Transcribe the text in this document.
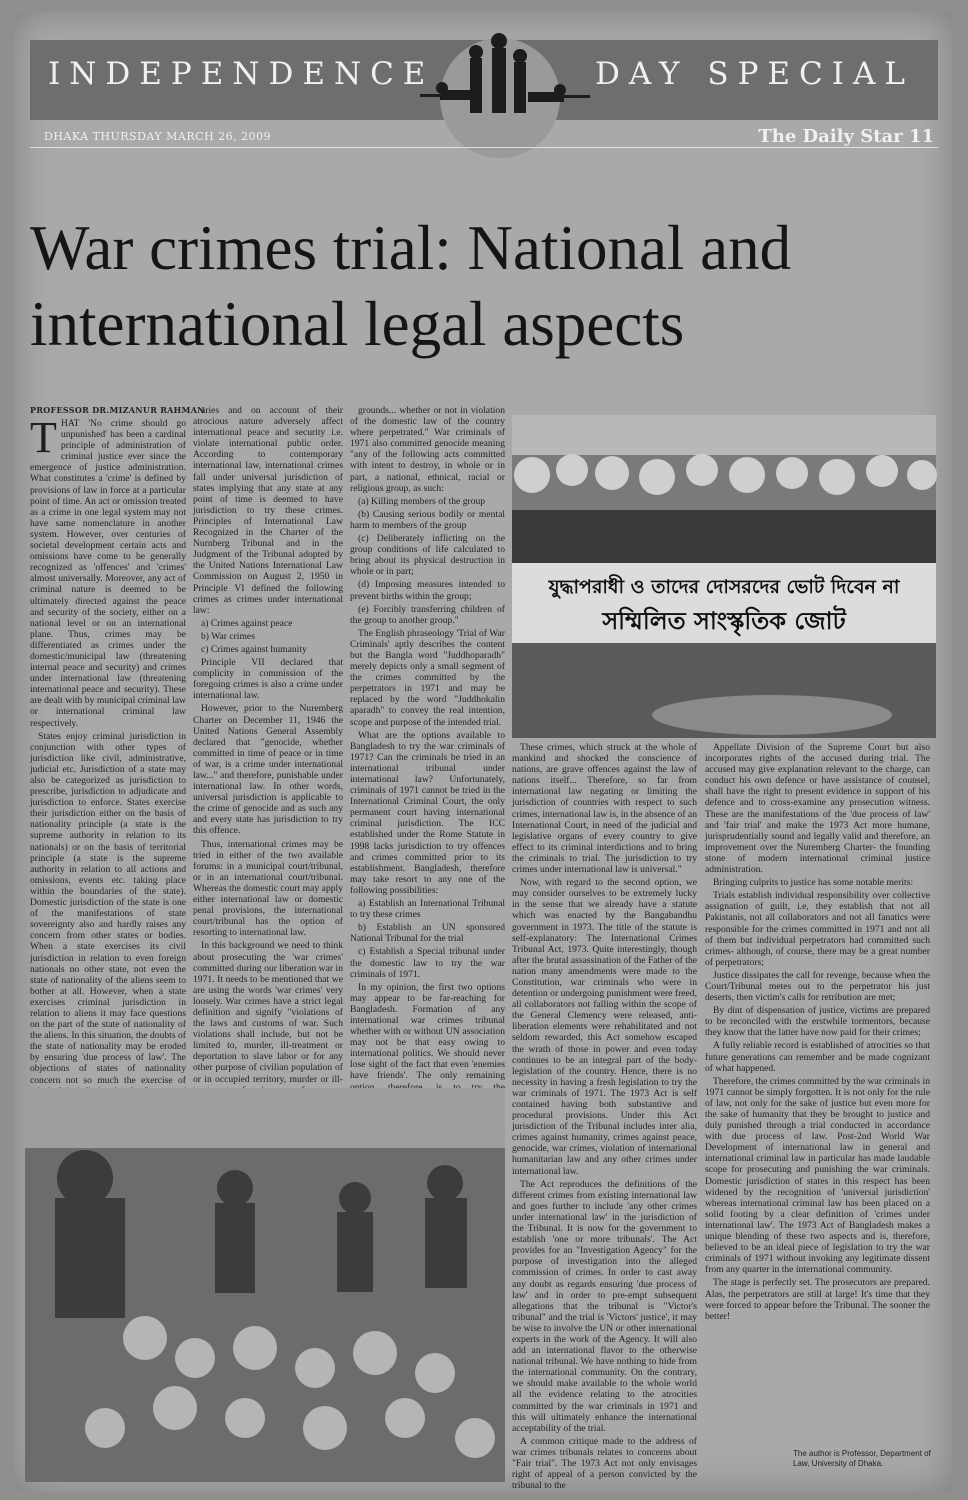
INDEPENDENCE	DAY SPECIAL
DHAKA THURSDAY MARCH 26, 2009	The Daily Star 11
War crimes trial: National and international legal aspects
PROFESSOR DR.MIZANUR RAHMAN
T HAT 'No crime should go unpunished' has been a cardinal principle of administration of criminal justice ever since the emergence of justice administration. What constitutes a 'crime' is defined by provisions of law in force at a particular point of time. An act or omission treated as a crime in one legal system may not have same nomenclature in another system. However, over centuries of societal development certain acts and omissions have come to be generally recognized as 'offences' and 'crimes' almost universally. Moreover, any act of criminal nature is deemed to be ultimately directed against the peace and security of the society, either on a national level or on an international plane. Thus, crimes may be differentiated as crimes under the domestic/municipal law (threatening internal peace and security) and crimes under international law (threatening international peace and security). These are dealt with by municipal criminal law or international criminal law respectively.

States enjoy criminal jurisdiction in conjunction with other types of jurisdiction like civil, administrative, judicial etc. Jurisdiction of a state may also be categorized as jurisdiction to prescribe, jurisdiction to adjudicate and jurisdiction to enforce. States exercise their jurisdiction either on the basis of nationality principle (a state is the supreme authority in relation to its nationals) or on the basis of territorial principle (a state is the supreme authority in relation to all actions and omissions, events etc. taking place within the boundaries of the state). Domestic jurisdiction of the state is one of the manifestations of state sovereignty also and hardly raises any concern from other states or bodies. When a state exercises its civil jurisdiction in relation to even foreign nationals no other state, not even the state of nationality of the aliens seem to bother at all. However, when a state exercises criminal jurisdiction in relation to aliens it may face questions on the part of the state of nationality of the aliens. In this situation, the doubts of the state of nationality may be eroded by ensuring 'due process of law'. The objections of states of nationality concern not so much the exercise of

aries and on account of their atrocious nature adversely affect international peace and security i.e. violate international public order. According to contemporary international law, international crimes fall under universal jurisdiction of states implying that any state at any point of time is deemed to have jurisdiction to try these crimes. Principles of International Law Recognized in the Charter of the Nurnberg Tribunal and in the Judgment of the Tribunal adopted by the United Nations International Law Commission on August 2, 1950 in Principle VI defined the following crimes as crimes under international law:

a) Crimes against peace

b) War crimes

c) Crimes against humanity

Principle VII declared that complicity in commission of the foregoing crimes is also a crime under international law.

However, prior to the Nuremberg Charter on December 11, 1946 the United Nations General Assembly declared that "genocide, whether committed in time of peace or in time of war, is a crime under international law..." and therefore, punishable under international law. In other words, universal jurisdiction is applicable to the crime of genocide and as such any and every state has jurisdiction to try this offence.

Thus, international crimes may be tried in either of the two available forums: in a municipal court/tribunal, or in an international court/tribunal. Whereas the domestic court may apply either international law or domestic penal provisions, the international court/tribunal has the option of resorting to international law.

In this background we need to think about prosecuting the 'war crimes' committed during our liberation war in 1971. It needs to be mentioned that we are using the words 'war crimes' very loosely. War crimes have a strict legal definition and signify "violations of the laws and customs of war. Such violations shall include, but not be limited to, murder, ill-treatment or deportation to slave labor or for any other purpose of civilian population of or in occupied territory, murder or ill-

grounds... whether or not in violation of the domestic law of the country where perpetrated." War criminals of 1971 also committed genocide meaning "any of the following acts committed with intent to destroy, in whole or in part, a national, ethnical, racial or religious group, as such:

(a) Killing members of the group

(b) Causing serious bodily or mental harm to members of the group

(c) Deliberately inflicting on the group conditions of life calculated to bring about its physical destruction in whole or in part;

(d) Imposing measures intended to prevent births within the group;

(e) Forcibly transferring children of the group to another group."

The English phraseology 'Trial of War Criminals' aptly describes the content but the Bangla word "Juddhoparadh" merely depicts only a small segment of the crimes committed by the perpetrators in 1971 and may be replaced by the word "Juddhokalin aparadh" to convey the real intention, scope and purpose of the intended trial.

What are the options available to Bangladesh to try the war criminals of 1971? Can the criminals be tried in an international tribunal under international law? Unfortunately, criminals of 1971 cannot be tried in the International Criminal Court, the only permanent court having international criminal jurisdiction. The ICC established under the Rome Statute in 1998 lacks jurisdiction to try offences and crimes committed prior to its establishment. Bangladesh, therefore may take resort to any one of the following possibilities:

a) Establish an International Tribunal to try these crimes

b) Establish an UN sponsored National Tribunal for the trial

c) Establish a Special tribunal under the domestic law to try the war criminals of 1971.

In my opinion, the first two options may appear to be far-reaching for Bangladesh. Formation of any international war crimes tribunal whether with or without UN association may not be that easy owing to international politics. We should never lose sight of the fact that even 'enemies have friends'. The only remaining

These crimes, which struck at the whole of mankind and shocked the conscience of nations, are grave offences against the law of nations itself... Therefore, so far from international law negating or limiting the jurisdiction of countries with respect to such crimes, international law is, in the absence of an International Court, in need of the judicial and legislative organs of every country to give effect to its criminal interdictions and to bring the criminals to trial. The jurisdiction to try crimes under international law is universal."

Now, with regard to the second option, we may consider ourselves to be extremely lucky in the sense that we already have a statute which was enacted by the Bangabandhu government in 1973. The title of the statute is self-explanatory: The International Crimes Tribunal Act, 1973. Quite interestingly, though after the brutal assassination of the Father of the nation many amendments were made to the Constitution, war criminals who were in detention or undergoing punishment were freed, all collaborators not falling within the scope of the General Clemency were released, anti-liberation elements were rehabilitated and not seldom rewarded, this Act somehow escaped the wrath of those in power and even today continues to be an integral part of the body-legislation of the country. Hence, there is no necessity in having a fresh legislation to try the war criminals of 1971. The 1973 Act is self contained having both substantive and procedural provisions. Under this Act jurisdiction of the Tribunal includes inter alia, crimes against humanity, crimes against peace, genocide, war crimes, violation of international humanitarian law and any other crimes under international law.

The Act reproduces the definitions of the different crimes from existing international law and goes further to include 'any other crimes under international law' in the jurisdiction of the Tribunal. It is now for the government to establish 'one or more tribunals'. The Act provides for an "Investigation Agency" for the purpose of investigation into the alleged commission of crimes. In order to cast away any doubt as regards ensuring 'due process of law' and in order to pre-empt subsequent allegations that the tribunal is "Victor's tribunal" and the trial is 'Victors' justice', it may be wise to involve the UN or other international experts in the work of the Agency. It will also add an international flavor to the otherwise national tribunal. We have nothing to hide from the international community. On the contrary, we should make available to the whole world all the evidence relating to the atrocities committed by the war criminals in 1971 and this will ultimately enhance the international acceptability of the trial.

A common critique made to the address of war crimes tribunals relates to concerns about "Fair trial". The 1973 Act not only envisages right of appeal of a person convicted by the tribunal to the

Appellate Division of the Supreme Court but also incorporates rights of the accused during trial. The accused may give explanation relevant to the charge, can conduct his own defence or have assistance of counsel, shall have the right to present evidence in support of his defence and to cross-examine any prosecution witness. These are the manifestations of the 'due process of law' and 'fair trial' and make the 1973 Act more humane, jurisprudentially sound and legally valid and therefore, an improvement over the Nuremberg Charter- the founding stone of modern international criminal justice administration.

Bringing culprits to justice has some notable merits:

Trials establish individual responsibility over collective assignation of guilt, i.e, they establish that not all Pakistanis, not all collaborators and not all fanatics were responsible for the crimes committed in 1971 and not all of them but individual perpetrators had committed such crimes- although, of course, there may be a great number of perpetrators;

Justice dissipates the call for revenge, because when the Court/Tribunal metes out to the perpetrator his just deserts, then victim's calls for retribution are met;

By dint of dispensation of justice, victims are prepared to be reconciled with the erstwhile tormentors, because they know that the latter have now paid for their crimes;

A fully reliable record is established of atrocities so that future generations can remember and be made cognizant of what happened.

Therefore, the crimes committed by the war criminals in 1971 cannot be simply forgotten. It is not only for the rule of law, not only for the sake of justice but even more for the sake of humanity that they be brought to justice and duly punished through a trial conducted in accordance with due process of law. Post-2nd World War Development of international law in general and international criminal law in particular has made laudable scope for prosecuting and punishing the war criminals. Domestic jurisdiction of states in this respect has been widened by the recognition of 'universal jurisdiction' whereas international criminal law has been placed on a solid footing by a clear definition of 'crimes under international law'. The 1973 Act of Bangladesh makes a unique blending of these two aspects and is, therefore, believed to be an ideal piece of legislation to try the war criminals of 1971 without invoking any legitimate dissent from any quarter in the international community.

The stage is perfectly set. The prosecutors are prepared. Alas, the perpetrators are still at large! It's time that they were forced to appear before the Tribunal. The sooner the better!

যুদ্ধাপরাধী ও তাদের দোসরদের ভোট দিবেন না
সম্মিলিত সাংস্কৃতিক জোট
The author is Professor, Department of Law, University of Dhaka.
